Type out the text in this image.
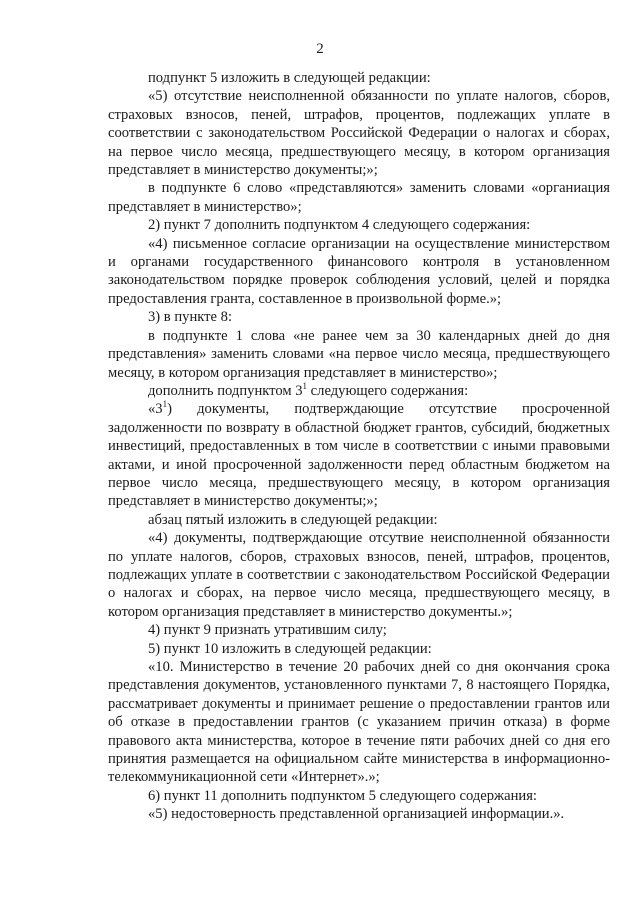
2

подпункт 5 изложить в следующей редакции:

«5) отсутствие неисполненной обязанности по уплате налогов, сборов, страховых взносов, пеней, штрафов, процентов, подлежащих уплате в соответствии с законодательством Российской Федерации о налогах и сборах, на первое число месяца, предшествующего месяцу, в котором организация представляет в министерство документы;»;

в подпункте 6 слово «представляются» заменить словами «органиация представляет в министерство»;

2) пункт 7 дополнить подпунктом 4 следующего содержания:

«4) письменное согласие организации на осуществление министерством и органами государственного финансового контроля в установленном законодательством порядке проверок соблюдения условий, целей и порядка предоставления гранта, составленное в произвольной форме.»;

3) в пункте 8:

в подпункте 1 слова «не ранее чем за 30 календарных дней до дня представления» заменить словами «на первое число месяца, предшествующего месяцу, в котором организация представляет в министерство»;

дополнить подпунктом $3^1$ следующего содержания:

«$3^1$) документы, подтверждающие отсутствие просроченной задолженности по возврату в областной бюджет грантов, субсидий, бюджетных инвестиций, предоставленных в том числе в соответствии с иными правовыми актами, и иной просроченной задолженности перед областным бюджетом на первое число месяца, предшествующего месяцу, в котором организация представляет в министерство документы;»;

абзац пятый изложить в следующей редакции:

«4) документы, подтверждающие отсутвие неисполненной обязанности по уплате налогов, сборов, страховых взносов, пеней, штрафов, процентов, подлежащих уплате в соответствии с законодательством Российской Федерации о налогах и сборах, на первое число месяца, предшествующего месяцу, в котором организация представляет в министерство документы.»;

4) пункт 9 признать утратившим силу;

5) пункт 10 изложить в следующей редакции:

«10. Министерство в течение 20 рабочих дней со дня окончания срока представления документов, установленного пунктами 7, 8 настоящего Порядка, рассматривает документы и принимает решение о предоставлении грантов или об отказе в предоставлении грантов (с указанием причин отказа) в форме правового акта министерства, которое в течение пяти рабочих дней со дня его принятия размещается на официальном сайте министерства в информационно-телекоммуникационной сети «Интернет».»;

6) пункт 11 дополнить подпунктом 5 следующего содержания:

«5) недостоверность представленной организацией информации.».
